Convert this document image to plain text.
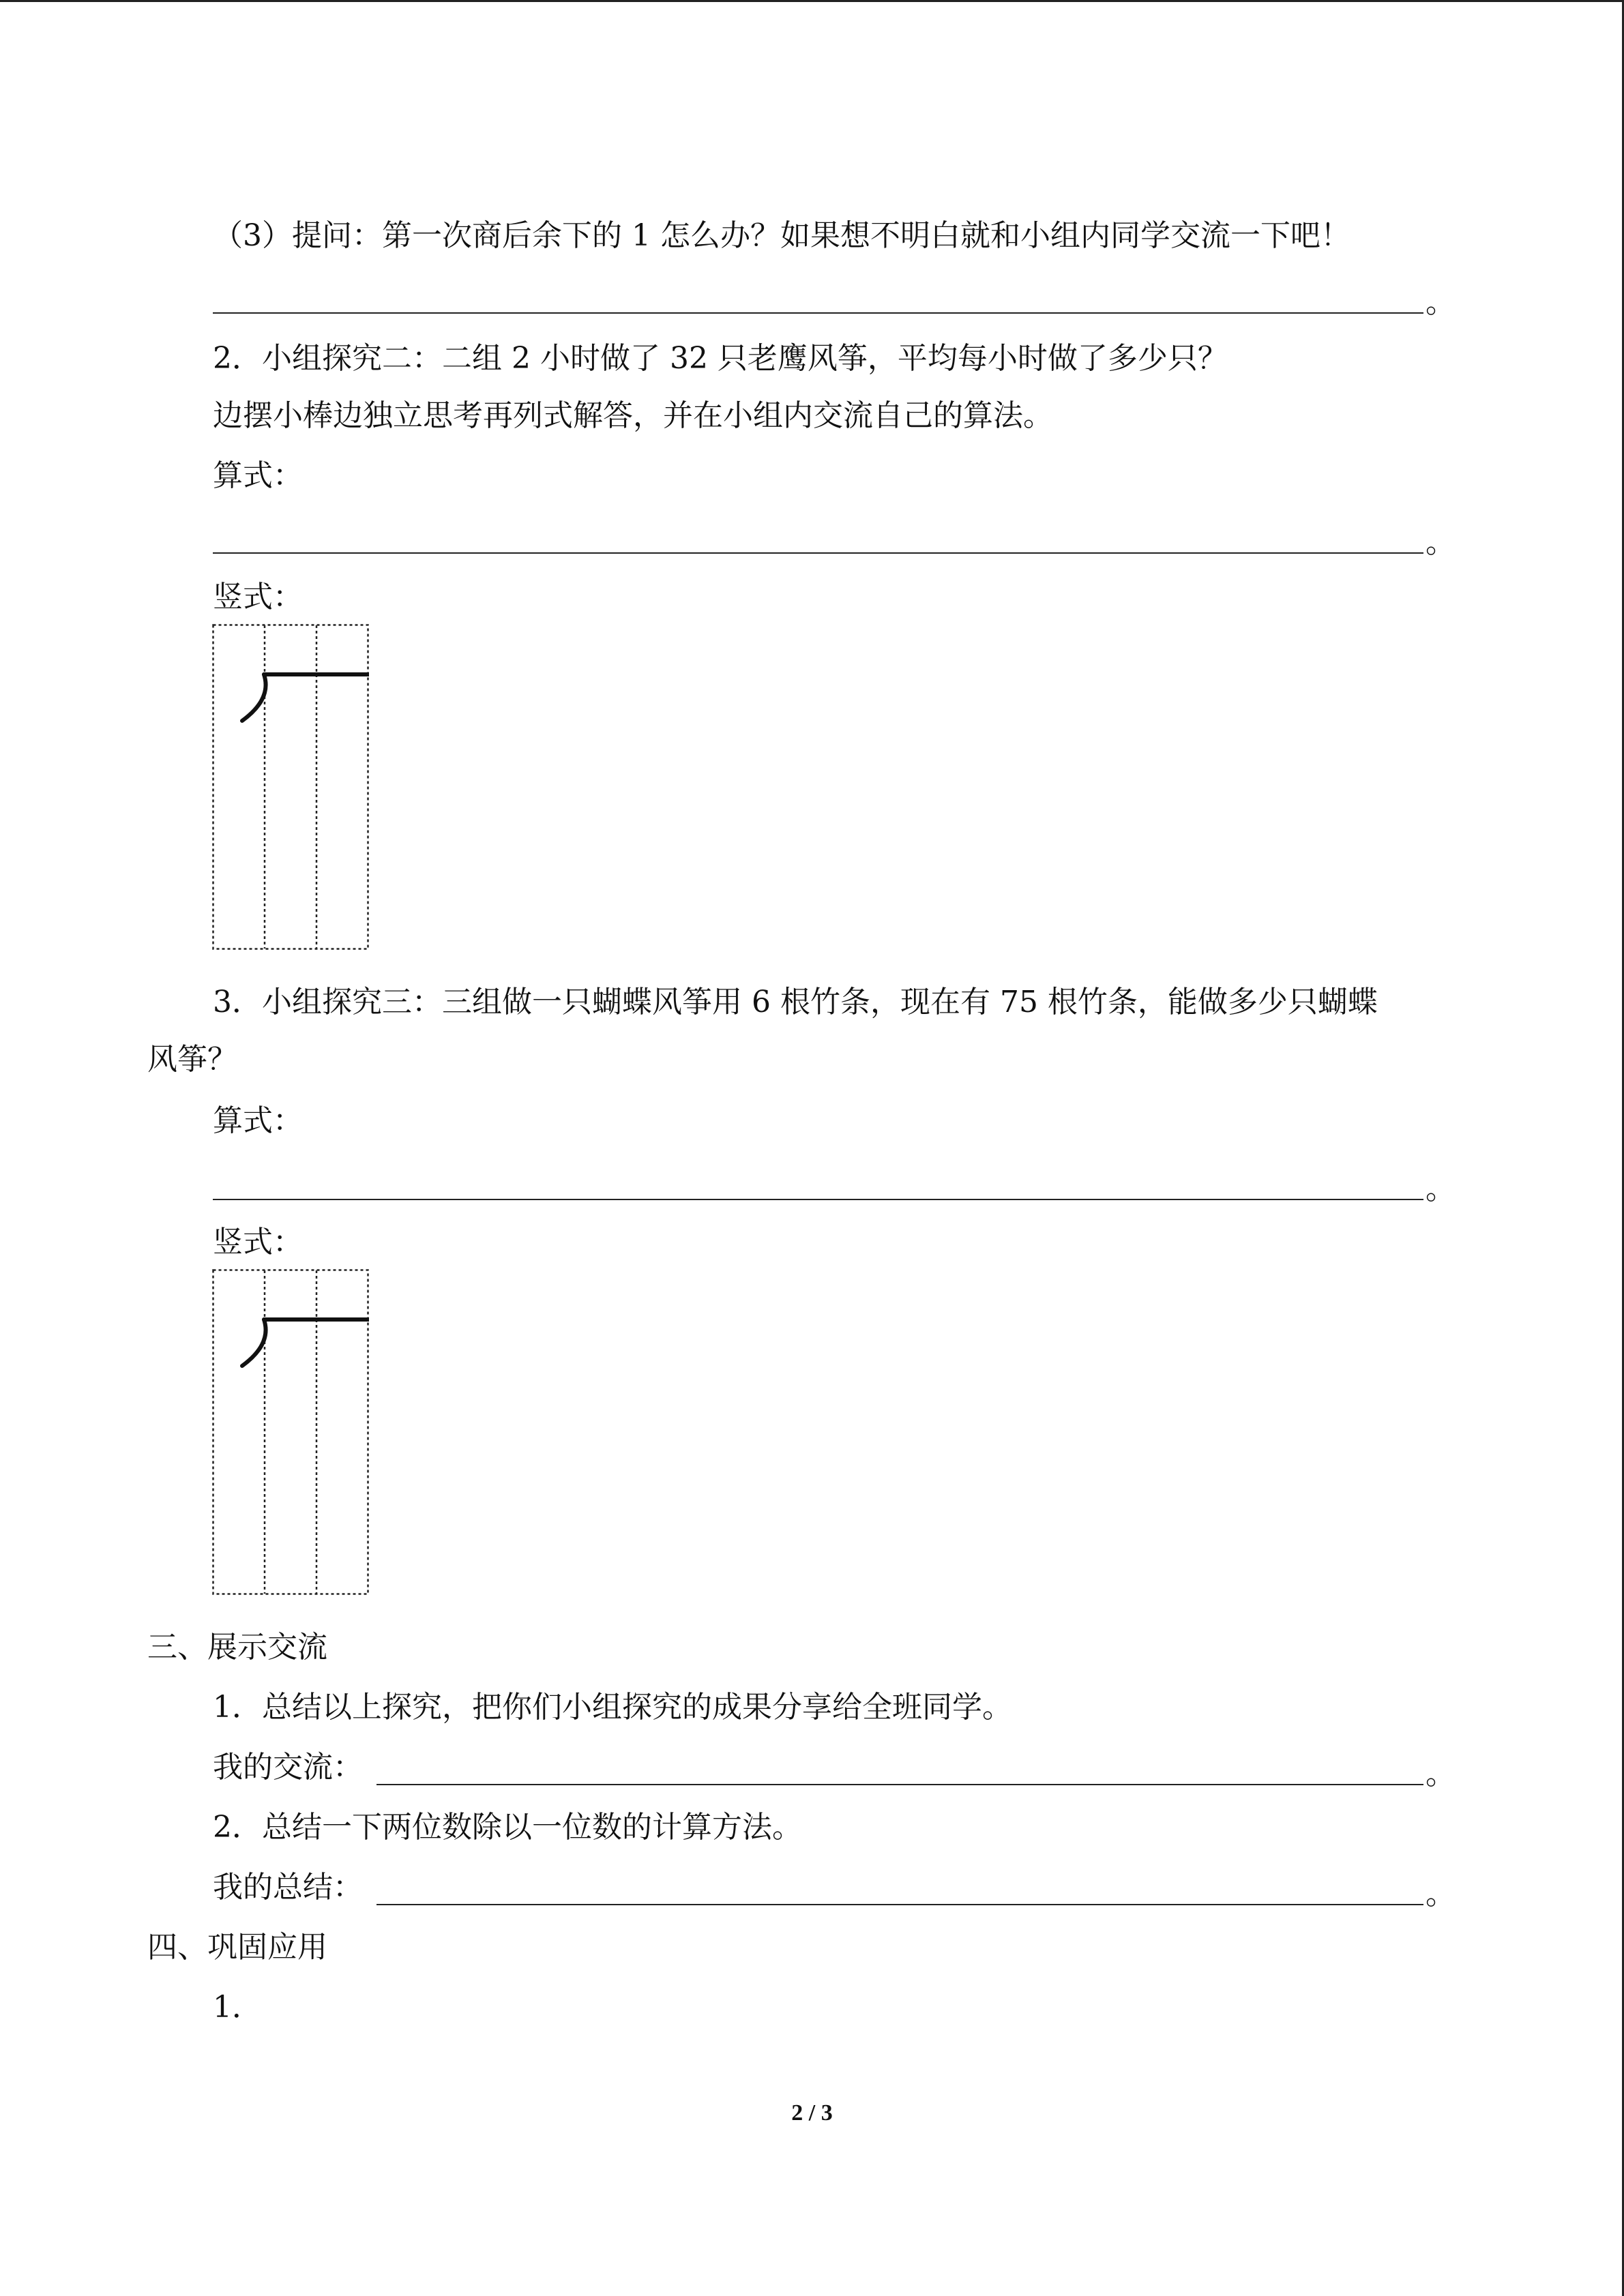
（3）提问：第一次商后余下的 1 怎么办？如果想不明白就和小组内同学交流一下吧！
。
2．小组探究二：二组 2 小时做了 32 只老鹰风筝，平均每小时做了多少只？
边摆小棒边独立思考再列式解答，并在小组内交流自己的算法。
算式：
。
竖式：
3．小组探究三：三组做一只蝴蝶风筝用 6 根竹条，现在有 75 根竹条，能做多少只蝴蝶
风筝？
算式：
。
竖式：
三、展示交流
1．总结以上探究，把你们小组探究的成果分享给全班同学。
我的交流：	。
2．总结一下两位数除以一位数的计算方法。
我的总结：	。
四、巩固应用
1．
2 / 3
